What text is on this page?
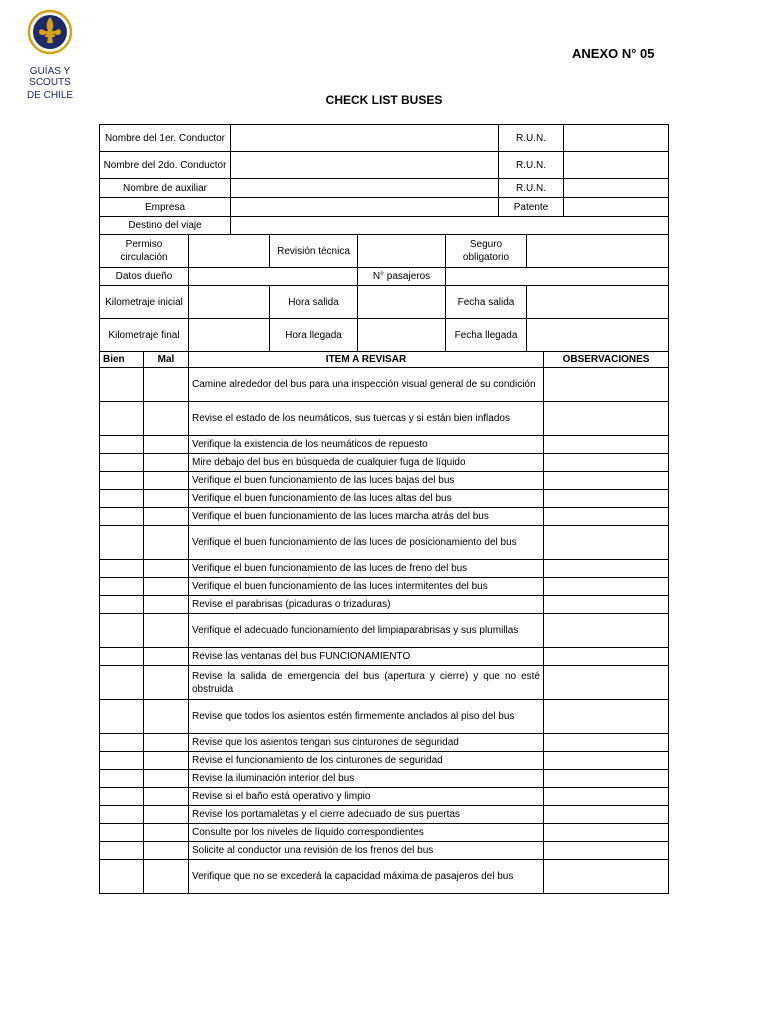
GUÍAS Y SCOUTS
DE CHILE
ANEXO N° 05
CHECK LIST BUSES
Nombre del 1er. Conductor		R.U.N.	
Nombre del 2do. Conductor		R.U.N.	
Nombre de auxiliar		R.U.N.	
Empresa		Patente	
Destino del viaje			
Permiso circulación		Revisión técnica		Seguro obligatorio	
Datos dueño			N° pasajeros		
Kilometraje inicial		Hora salida		Fecha salida	
Kilometraje final		Hora llegada		Fecha llegada	
Bien	Mal	ITEM A REVISAR	OBSERVACIONES
		Camine alrededor del bus para una inspección visual general de su condición	
		Revise el estado de los neumáticos, sus tuercas y si están bien inflados	
		Verifique la existencia de los neumáticos de repuesto	
		Mire debajo del bus en búsqueda de cualquier fuga de líquido	
		Verifique el buen funcionamiento de las luces bajas del bus	
		Verifique el buen funcionamiento de las luces altas del bus	
		Verifique el buen funcionamiento de las luces marcha atrás del bus	
		Verifique el buen funcionamiento de las luces de posicionamiento del bus	
		Verifique el buen funcionamiento de las luces de freno del bus	
		Verifique el buen funcionamiento de las luces intermitentes del bus	
		Revise el parabrisas (picaduras o trizaduras)	
		Verifique el adecuado funcionamiento del limpiaparabrisas y sus plumillas	
		Revise las ventanas del bus FUNCIONAMIENTO	
		Revise la salida de emergencia del bus (apertura y cierre) y que no esté obstruida	
		Revise que todos los asientos estén firmemente anclados al piso del bus	
		Revise que los asientos tengan sus cinturones de seguridad	
		Revise el funcionamiento de los cinturones de seguridad	
		Revise la iluminación interior del bus	
		Revise si el baño está operativo y limpio	
		Revise los portamaletas y el cierre adecuado de sus puertas	
		Consulte por los niveles de líquido correspondientes	
		Solicite al conductor una revisión de los frenos del bus	
		Verifique que no se excederá la capacidad máxima de pasajeros del bus	
